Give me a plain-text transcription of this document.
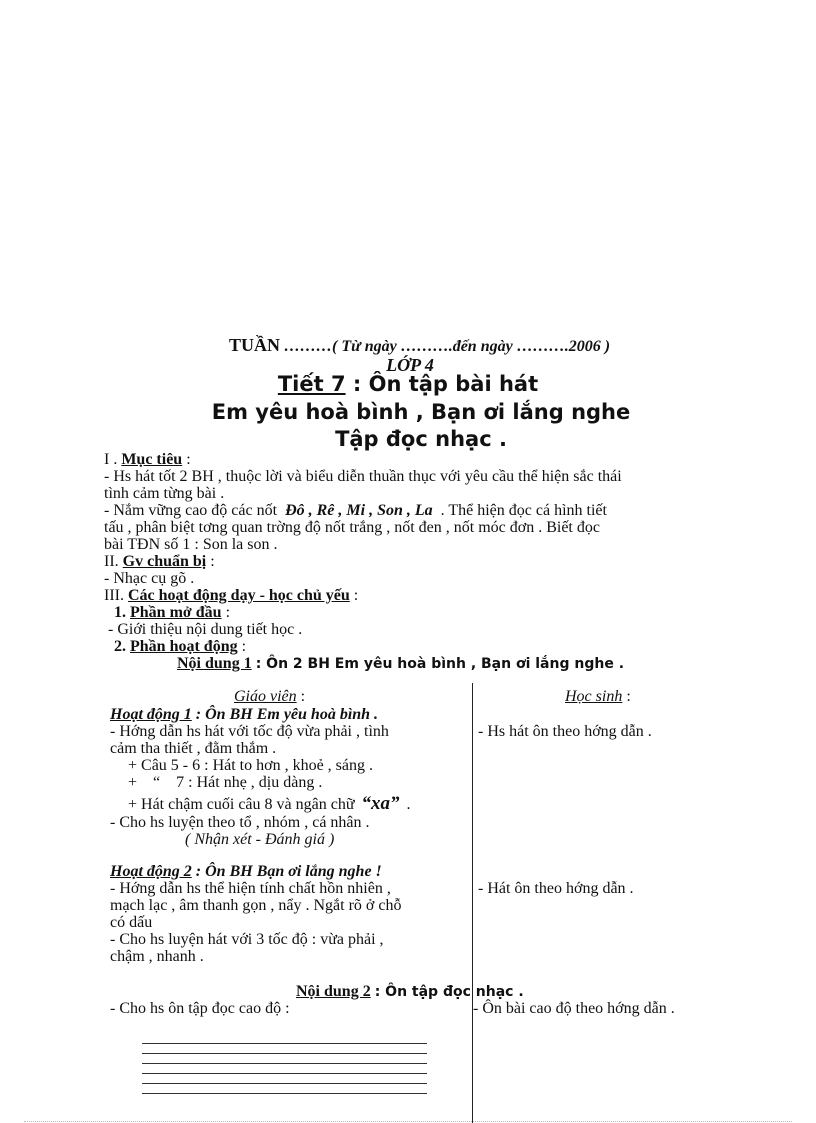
TUẦN ………( Từ ngày ……….đến ngày ……….2006 )
LỚP 4
Tiết 7 : Ôn tập bài hát
Em yêu hoà bình , Bạn ơi lắng nghe
Tập đọc nhạc .
I . Mục tiêu :
- Hs hát tốt 2 BH , thuộc lời và biểu diễn thuần thục với yêu cầu thể hiện sắc thái
tình cảm từng bài .
- Nắm vững cao độ các nốt Đô , Rê , Mi , Son , La . Thể hiện đọc cá hình tiết
tấu , phân biệt tơng quan trờng độ nốt trắng , nốt đen , nốt móc đơn . Biết đọc
bài TĐN số 1 : Son la son .
II. Gv chuẩn bị :
- Nhạc cụ gõ .
III. Các hoạt động dạy - học chủ yếu :
1. Phần mở đầu :
- Giới thiệu nội dung tiết học .
2. Phần hoạt động :
Nội dung 1 : Ôn 2 BH Em yêu hoà bình , Bạn ơi lắng nghe .
Giáo viên :	Học sinh :
Hoạt động 1 : Ôn BH Em yêu hoà bình .
- Hớng dẫn hs hát với tốc độ vừa phải , tình
cảm tha thiết , đằm thắm .
+ Câu 5 - 6 : Hát to hơn , khoẻ , sáng .
+ “ 7 : Hát nhẹ , dịu dàng .
+ Hát chậm cuối câu 8 và ngân chữ “xa” .
- Cho hs luyện theo tổ , nhóm , cá nhân .
( Nhận xét - Đánh giá )
- Hs hát ôn theo hớng dẫn .
Hoạt động 2 : Ôn BH Bạn ơi lắng nghe !
- Hớng dẫn hs thể hiện tính chất hồn nhiên ,
mạch lạc , âm thanh gọn , nẩy . Ngắt rõ ở chỗ
có dấu
- Cho hs luyện hát với 3 tốc độ : vừa phải ,
chậm , nhanh .
- Hát ôn theo hớng dẫn .
Nội dung 2 : Ôn tập đọc nhạc .
- Cho hs ôn tập đọc cao độ :	- Ôn bài cao độ theo hớng dẫn .
